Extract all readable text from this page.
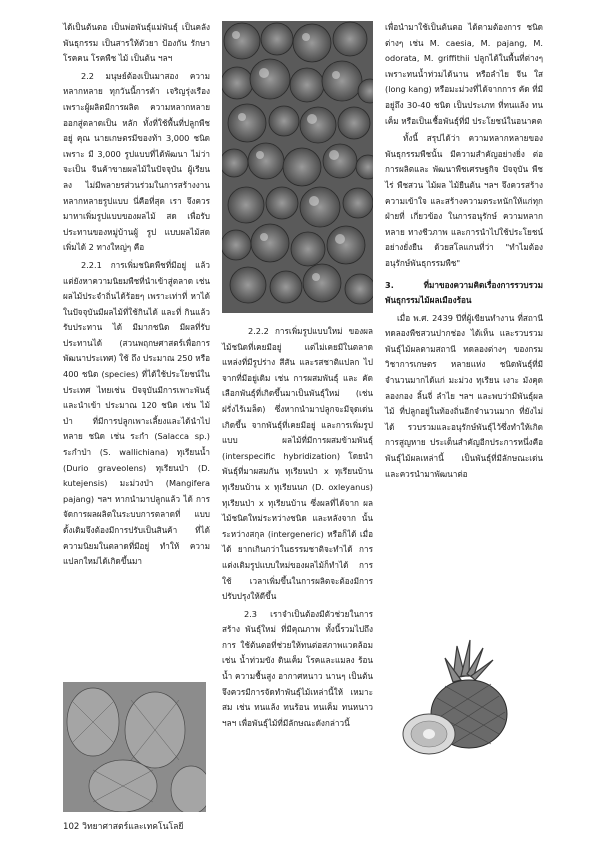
ได้เป็นต้นตอ เป็นพ่อพันธุ์แม่พันธุ์ เป็นคลังพันธุกรรม เป็นสารให้ตัวยา ป้องกัน รักษาโรคคน โรคพืช ไม้ เป็นต้น ฯลฯ

2.2 มนุษย์ต้องเป็นมาสอง ความหลากหลาย ทุกวันนี้การค้า เจริญรุ่งเรือง เพราะผู้ผลิตมีการผลิต ความหลากหลายออกสู่ตลาดเป็น หลัก ทั้งที่ใช้พื้นที่ปลูกพืชอยู่ คุณ นายเกษตรมีของท้า 3,000 ชนิด เพราะ มี 3,000 รูปแบบที่ได้พัฒนา ไม่ว่าจะเป็น จีนค้าขายผลไม้ในปัจจุบัน ผู้เรียนลง ไม่มีพลายรส่วนร่วมในการสร้างงาน หลากหลายรูปแบบ นี่คือที่สุด เรา จึงควรมาหาเพิ่มรูปแบบของผลไม้ สด เพื่อรับประทานของหมู่บ้านผู้ รูป แบบผลไม้สดเพิ่มได้ 2 ทางใหญ่ๆ คือ

2.2.1 การเพิ่มชนิดพืชที่มีอยู่ แล้ว แต่ยังหาความนิยมพืชที่นำเข้าสู่ตลาด เช่นผลไม้ประจำถิ่นได้ร้อยๆ เพราะเท่าที่ หาได้ในปัจจุบันมีผลไม้ที่ใช้กินได้ และที่ กินแล้ว รับประทาน ได้ มีมากชนิด มีผลที่รับประทานได้ (สวนพฤกษศาสตร์เพื่อการพัฒนาประเทศ) ใช้ ถึง ประมาณ 250 หรือ 400 ชนิด (species) ที่ได้ใช้ประโยชน์ในประเทศ ไทยเช่น ปัจจุบันมีการเพาะพันธุ์และนำเข้า ประมาณ 120 ชนิด เช่น ไม้ป่า ที่มีการปลูกเพาะเลี้ยงและได้นำไปหลาย ชนิด เช่น ระกำ (Salacca sp.) ระกำป่า (S. wallichiana) ทุเรียนน้ำ (Durio graveolens) ทุเรียนป่า (D. kutejensis) มะม่วงป่า (Mangifera pajang) ฯลฯ หากนำมาปลูกแล้ว ได้ การจัดการผลผลิตในระบบการตลาดที่ แบบดั้งเดิมจึงต้องมีการปรับเป็นสินค้า ที่ได้ความนิยมในตลาดที่มีอยู่ ทำให้ ความแปลกใหม่ได้เกิดขึ้นมา

2.2.2 การเพิ่มรูปแบบใหม่ ของผลไม้ชนิดที่เคยมีอยู่ แต่ไม่เคยมีในตลาด แหล่งที่มีรูปร่าง สีสัน และรสชาติแปลก ไปจากที่มีอยู่เดิม เช่น การผสมพันธุ์ และ คัดเลือกพันธุ์ที่เกิดขึ้นมาเป็นพันธุ์ใหม่ (เช่น ฝรั่งไร้เมล็ด) ซึ่งหากนำมาปลูกจะมีจุดเด่นเกิดขึ้น จากพันธุ์ที่เคยมีอยู่ และการเพิ่มรูปแบบ ผลไม้ที่มีการผสมข้ามพันธุ์ (interspecific hybridization) โดยนำพันธุ์ที่มาผสมกัน ทุเรียนป่า x ทุเรียนบ้าน ทุเรียนบ้าน x ทุเรียนนก (D. oxleyanus) ทุเรียนป่า x ทุเรียนบ้าน ซึ่งผลที่ได้จาก ผลไม้ชนิดใหม่ระหว่างชนิด และหลังจาก นั้น ระหว่างสกุล (intergeneric) หรือก็ได้ เมื่อได้ ยากเกินกว่าในธรรมชาติจะทำได้ การ แต่งเติมรูปแบบใหม่ของผลไม้ก็ทำได้ การใช้ เวลาเพิ่มขึ้นในการผลิตจะต้องมีการ ปรับปรุงให้ดีขึ้น

2.3 เราจำเป็นต้องมีตัวช่วยในการสร้าง พันธุ์ใหม่ ที่มีคุณภาพ ทั้งนี้รวมไปถึงการ ใช้ต้นตอที่ช่วยให้ทนต่อสภาพแวดล้อม เช่น น้ำท่วมขัง ดินเค็ม โรคและแมลง ร้อน น้ำ ความชื้นสูง อากาศหนาว นานๆ เป็นต้น จึงควรมีการจัดทำพันธุ์ไม้เหล่านี้ให้ เหมาะสม เช่น ทนแล้ง ทนร้อน ทนเค็ม ทนหนาว ฯลฯ เพื่อพันธุ์ไม้ที่มีลักษณะดังกล่าวนี้

เพื่อนำมาใช้เป็นต้นตอ ได้ตามต้องการ ชนิดต่างๆ เช่น M. caesia, M. pajang, M. odorata, M. griffithii ปลูกได้ในพื้นที่ต่างๆ เพราะทนน้ำท่วมได้นาน หรือลำไย จีน ใส (long kang) หรือมะม่วงที่ได้จากการ คัด ที่มีอยู่ถึง 30-40 ชนิด เป็นประเภท ที่ทนแล้ง ทนเค็ม หรือเป็นเชื้อพันธุ์ที่มี ประโยชน์ในอนาคต

ทั้งนี้ สรุปได้ว่า ความหลากหลายของ พันธุกรรมพืชนั้น มีความสำคัญอย่างยิ่ง ต่อการผลิตและ พัฒนาพืชเศรษฐกิจ ปัจจุบัน พืชไร่ พืชสวน ไม้ผล ไม้ยืนต้น ฯลฯ จึงควรสร้างความเข้าใจ และสร้างความตระหนักให้แก่ทุกฝ่ายที่ เกี่ยวข้อง ในการอนุรักษ์ ความหลากหลาย ทางชีวภาพ และการนำไปใช้ประโยชน์ อย่างยั่งยืน ด้วยสโลแกนที่ว่า "ทำไมต้องอนุรักษ์พันธุกรรมพืช"

3. ที่มาของความคิดเรื่องการรวบรวมพันธุกรรมไม้ผลเมืองร้อน

เมื่อ พ.ศ. 2439 ปีที่ผู้เขียนทำงาน ที่สถานีทดลองพืชสวนปากช่อง ได้เห็น และรวบรวมพันธุ์ไม้ผลตามสถานี ทดลองต่างๆ ของกรมวิชาการเกษตร หลายแห่ง ชนิดพันธุ์ที่มีจำนวนมากได้แก่ มะม่วง ทุเรียน เงาะ มังคุด ลองกอง ลิ้นจี่ ลำไย ฯลฯ และพบว่ามีพันธุ์ผลไม้ ที่ปลูกอยู่ในท้องถิ่นอีกจำนวนมาก ที่ยังไม่ได้ รวบรวมและอนุรักษ์พันธุ์ไว้ซึ่งทำให้เกิดการสูญหาย ประเด็นสำคัญอีกประการหนึ่งคือ พันธุ์ไม้ผลเหล่านี้ เป็นพันธุ์ที่มีลักษณะเด่น และควรนำมาพัฒนาต่อ

102 วิทยาศาสตร์และเทคโนโลยี
